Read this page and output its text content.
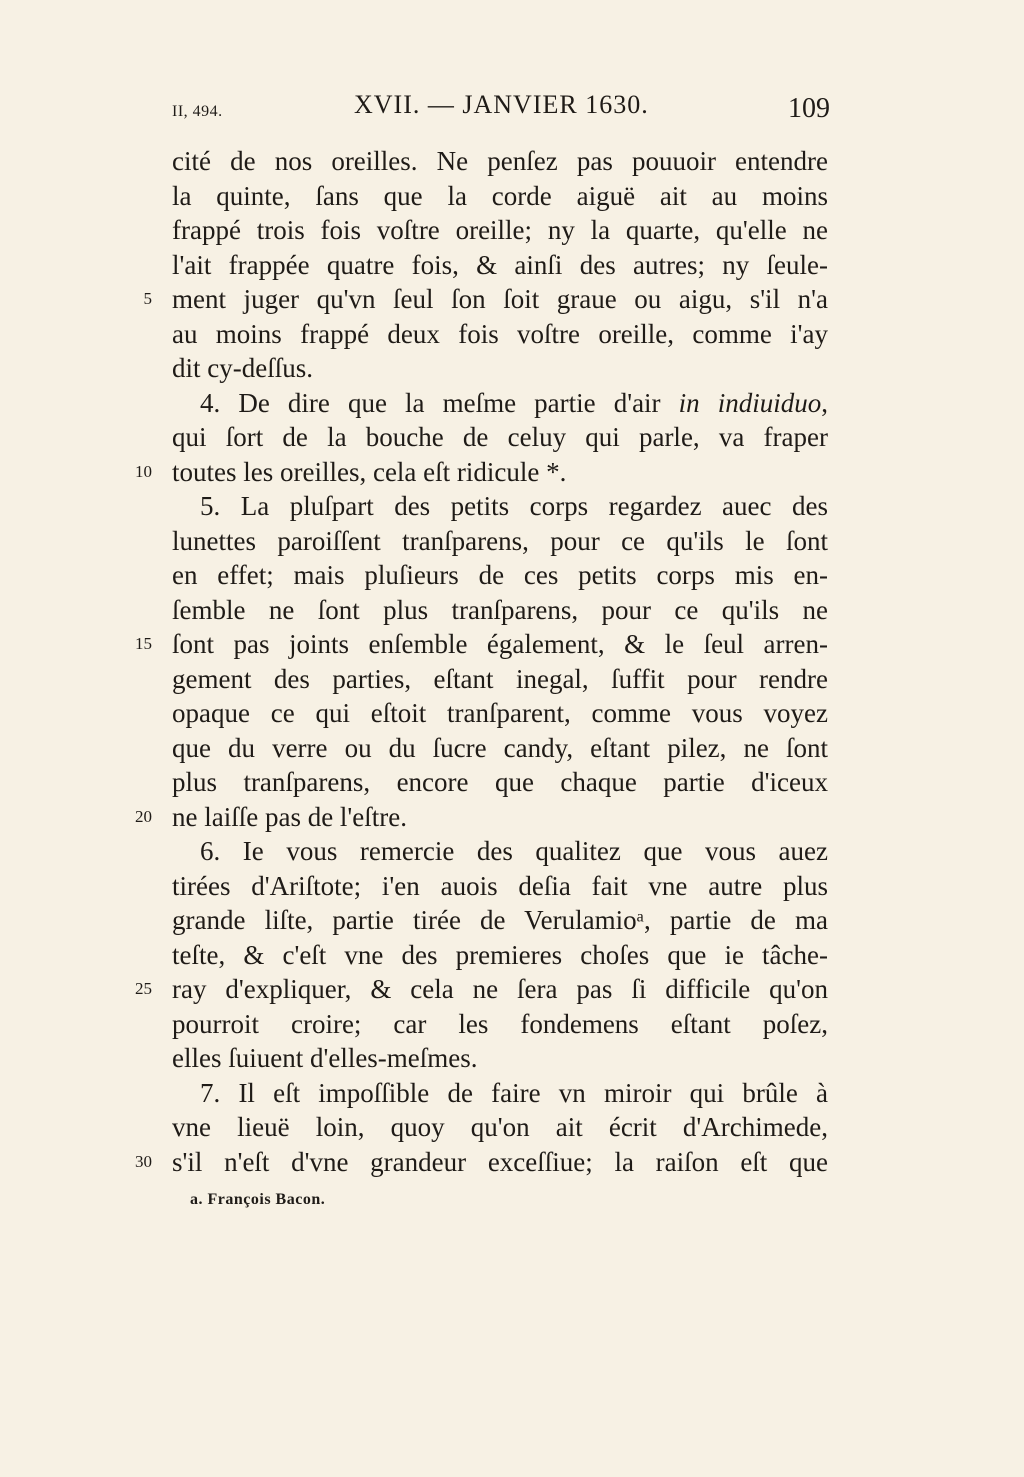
II, 494.	XVII. — JANVIER 1630.	109
cité de nos oreilles. Ne penſez pas pouuoir entendre
la quinte, ſans que la corde aiguë ait au moins
frappé trois fois voſtre oreille; ny la quarte, qu'elle ne
l'ait frappée quatre fois, & ainſi des autres; ny ſeule-
ment juger qu'vn ſeul ſon ſoit graue ou aigu, s'il n'a
au moins frappé deux fois voſtre oreille, comme i'ay
dit cy-deſſus.
4. De dire que la meſme partie d'air in indiuiduo,
qui ſort de la bouche de celuy qui parle, va fraper
toutes les oreilles, cela eſt ridicule *.
5. La pluſpart des petits corps regardez auec des
lunettes paroiſſent tranſparens, pour ce qu'ils le ſont
en effet; mais pluſieurs de ces petits corps mis en-
ſemble ne ſont plus tranſparens, pour ce qu'ils ne
ſont pas joints enſemble également, & le ſeul arren-
gement des parties, eſtant inegal, ſuffit pour rendre
opaque ce qui eſtoit tranſparent, comme vous voyez
que du verre ou du ſucre candy, eſtant pilez, ne ſont
plus tranſparens, encore que chaque partie d'iceux
ne laiſſe pas de l'eſtre.
6. Ie vous remercie des qualitez que vous auez
tirées d'Ariſtote; i'en auois deſia fait vne autre plus
grande liſte, partie tirée de Verulamioᵃ, partie de ma
teſte, & c'eſt vne des premieres choſes que ie tâche-
ray d'expliquer, & cela ne ſera pas ſi difficile qu'on
pourroit croire; car les fondemens eſtant poſez,
elles ſuiuent d'elles-meſmes.
7. Il eſt impoſſible de faire vn miroir qui brûle à
vne lieuë loin, quoy qu'on ait écrit d'Archimede,
s'il n'eſt d'vne grandeur exceſſiue; la raiſon eſt que
5
10
15
20
25
30
a. François Bacon.
